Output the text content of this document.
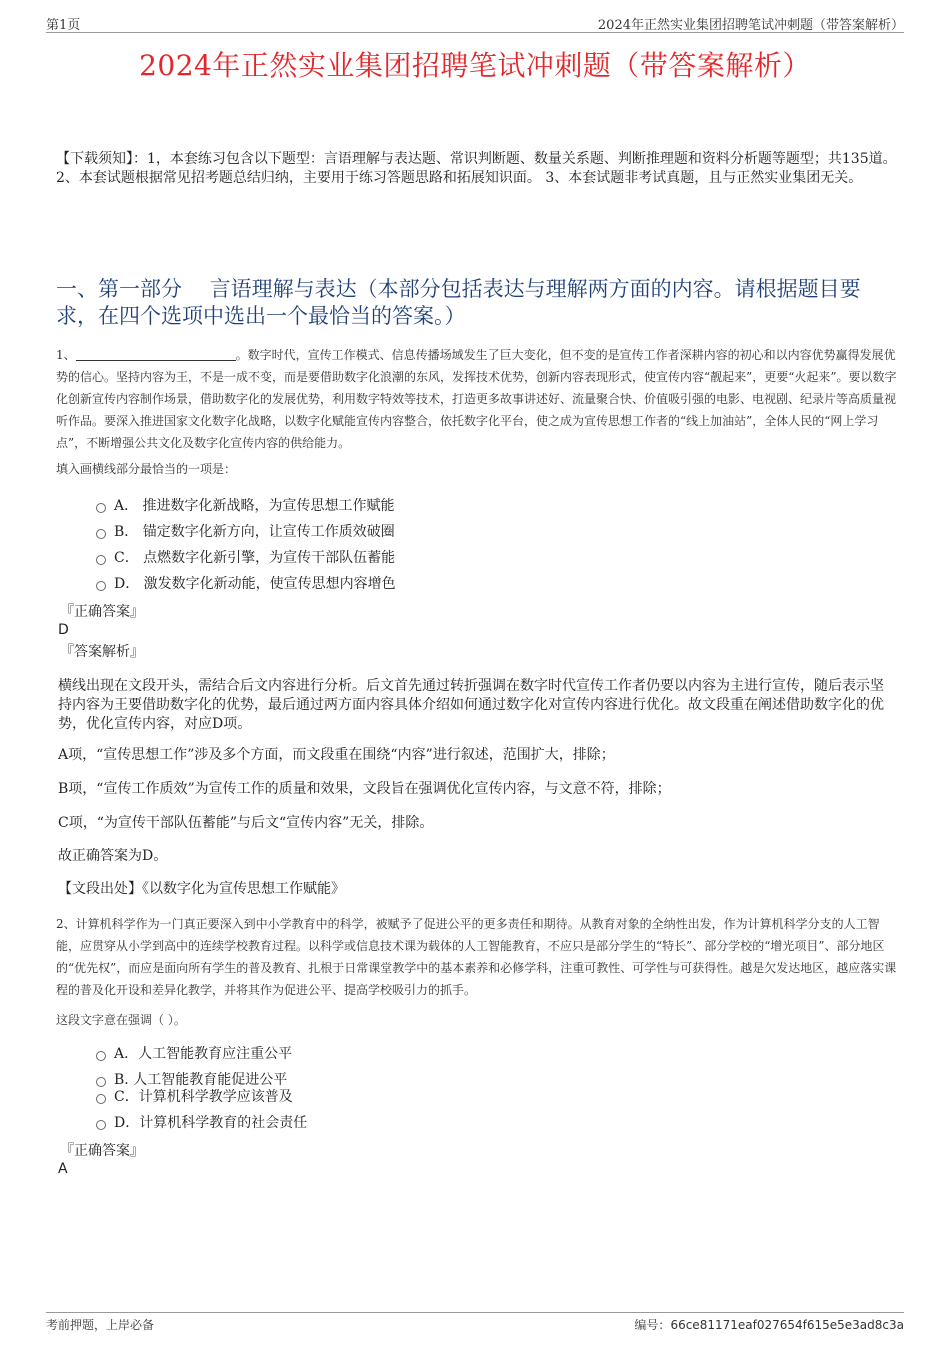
第1页	2024年正然实业集团招聘笔试冲刺题（带答案解析）
2024年正然实业集团招聘笔试冲刺题（带答案解析）
【下载须知】：1，本套练习包含以下题型：言语理解与表达题、常识判断题、数量关系题、判断推理题和资料分析题等题型；共135道。 2、本套试题根据常见招考题总结归纳，主要用于练习答题思路和拓展知识面。 3、本套试题非考试真题，且与正然实业集团无关。
一、第一部分　 言语理解与表达（本部分包括表达与理解两方面的内容。请根据题目要求，在四个选项中选出一个最恰当的答案。）
1、	。数字时代，宣传工作模式、信息传播场域发生了巨大变化，但不变的是宣传工作者深耕内容的初心和以内容优势赢得发展优势的信心。坚持内容为王，不是一成不变，而是要借助数字化浪潮的东风，发挥技术优势，创新内容表现形式，使宣传内容“靓起来”，更要“火起来”。要以数字化创新宣传内容制作场景，借助数字化的发展优势，利用数字特效等技术，打造更多故事讲述好、流量聚合快、价值吸引强的电影、电视剧、纪录片等高质量视听作品。要深入推进国家文化数字化战略，以数字化赋能宣传内容整合，依托数字化平台，使之成为宣传思想工作者的“线上加油站”，全体人民的“网上学习点”，不断增强公共文化及数字化宣传内容的供给能力。
填入画横线部分最恰当的一项是：
A． 推进数字化新战略，为宣传思想工作赋能
B． 锚定数字化新方向，让宣传工作质效破圈
C． 点燃数字化新引擎，为宣传干部队伍蓄能
D． 激发数字化新动能，使宣传思想内容增色
『正确答案』
D
『答案解析』
横线出现在文段开头，需结合后文内容进行分析。后文首先通过转折强调在数字时代宣传工作者仍要以内容为主进行宣传，随后表示坚持内容为王要借助数字化的优势，最后通过两方面内容具体介绍如何通过数字化对宣传内容进行优化。故文段重在阐述借助数字化的优势，优化宣传内容，对应D项。
A项，“宣传思想工作”涉及多个方面，而文段重在围绕“内容”进行叙述，范围扩大，排除；
B项，“宣传工作质效”为宣传工作的质量和效果，文段旨在强调优化宣传内容，与文意不符，排除；
C项，“为宣传干部队伍蓄能”与后文“宣传内容”无关，排除。
故正确答案为D。
【文段出处】《以数字化为宣传思想工作赋能》
2、计算机科学作为一门真正要深入到中小学教育中的科学，被赋予了促进公平的更多责任和期待。从教育对象的全纳性出发，作为计算机科学分支的人工智能，应贯穿从小学到高中的连续学校教育过程。以科学或信息技术课为载体的人工智能教育，不应只是部分学生的“特长”、部分学校的“增光项目”、部分地区的“优先权”，而应是面向所有学生的普及教育、扎根于日常课堂教学中的基本素养和必修学科，注重可教性、可学性与可获得性。越是欠发达地区，越应落实课程的普及化开设和差异化教学，并将其作为促进公平、提高学校吸引力的抓手。
这段文字意在强调（ ）。
A．人工智能教育应注重公平
B. 人工智能教育能促进公平
C．计算机科学教学应该普及
D．计算机科学教育的社会责任
『正确答案』
A
考前押题，上岸必备	编号：66ce81171eaf027654f615e5e3ad8c3a
